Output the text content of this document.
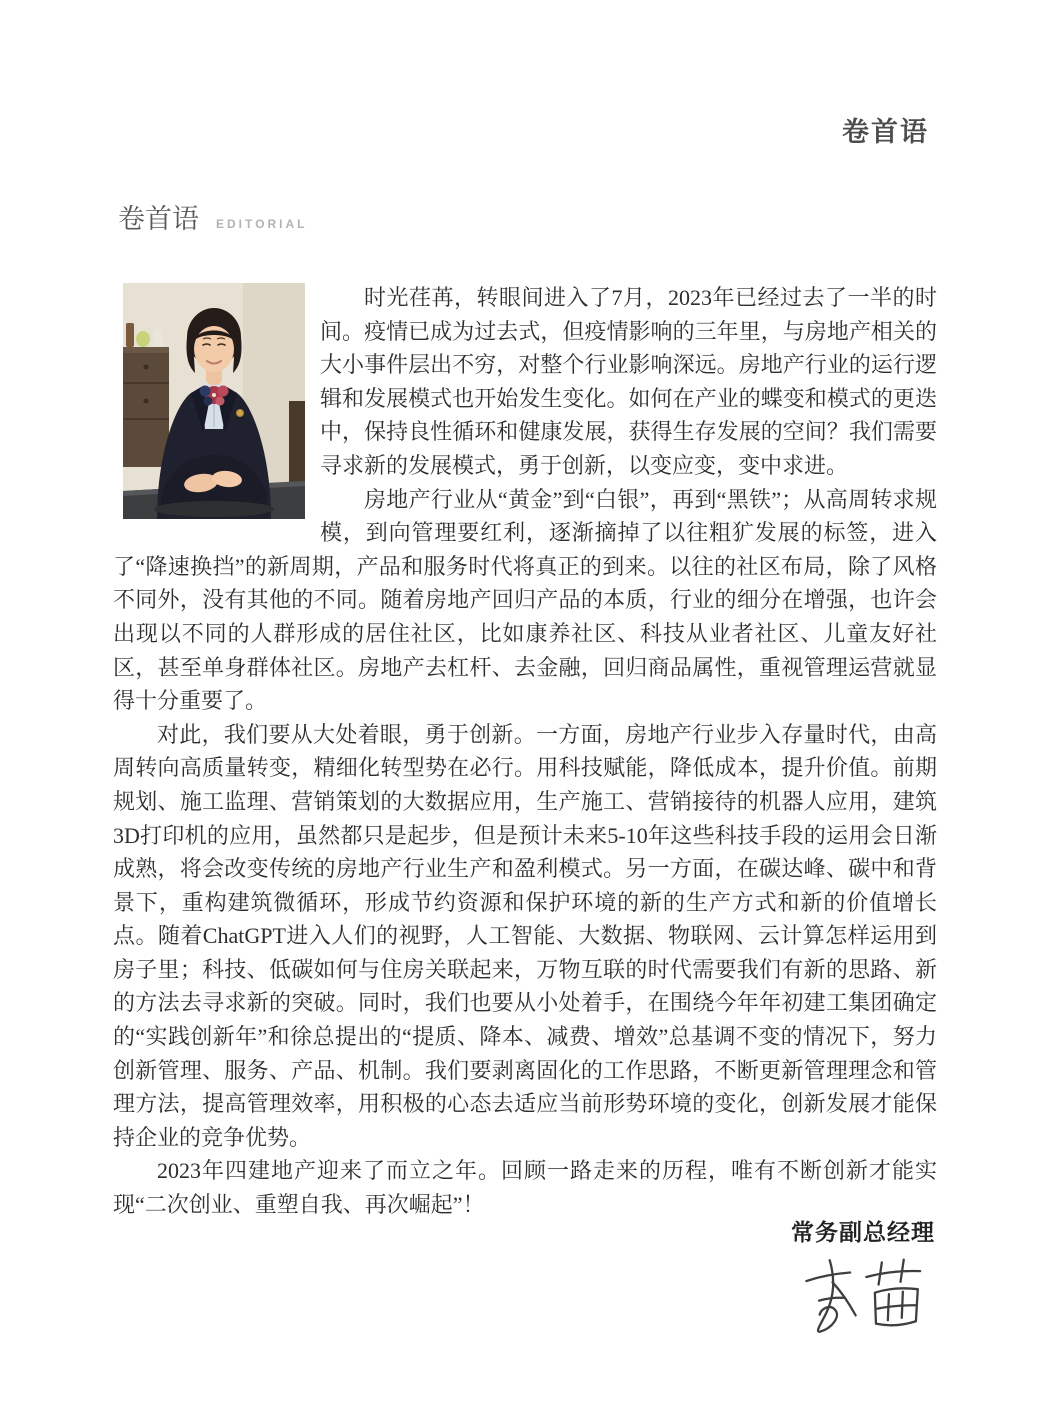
卷首语
卷首语 EDITORIAL

时光荏苒，转眼间进入了7月，2023年已经过去了一半的时间。疫情已成为过去式，但疫情影响的三年里，与房地产相关的大小事件层出不穷，对整个行业影响深远。房地产行业的运行逻辑和发展模式也开始发生变化。如何在产业的蝶变和模式的更迭中，保持良性循环和健康发展，获得生存发展的空间？我们需要寻求新的发展模式，勇于创新，以变应变，变中求进。

房地产行业从“黄金”到“白银”，再到“黑铁”；从高周转求规模，到向管理要红利，逐渐摘掉了以往粗犷发展的标签，进入了“降速换挡”的新周期，产品和服务时代将真正的到来。以往的社区布局，除了风格不同外，没有其他的不同。随着房地产回归产品的本质，行业的细分在增强，也许会出现以不同的人群形成的居住社区，比如康养社区、科技从业者社区、儿童友好社区，甚至单身群体社区。房地产去杠杆、去金融，回归商品属性，重视管理运营就显得十分重要了。

对此，我们要从大处着眼，勇于创新。一方面，房地产行业步入存量时代，由高周转向高质量转变，精细化转型势在必行。用科技赋能，降低成本，提升价值。前期规划、施工监理、营销策划的大数据应用，生产施工、营销接待的机器人应用，建筑3D打印机的应用，虽然都只是起步，但是预计未来5-10年这些科技手段的运用会日渐成熟，将会改变传统的房地产行业生产和盈利模式。另一方面，在碳达峰、碳中和背景下，重构建筑微循环，形成节约资源和保护环境的新的生产方式和新的价值增长点。随着ChatGPT进入人们的视野，人工智能、大数据、物联网、云计算怎样运用到房子里；科技、低碳如何与住房关联起来，万物互联的时代需要我们有新的思路、新的方法去寻求新的突破。同时，我们也要从小处着手，在围绕今年年初建工集团确定的“实践创新年”和徐总提出的“提质、降本、减费、增效”总基调不变的情况下，努力创新管理、服务、产品、机制。我们要剥离固化的工作思路，不断更新管理理念和管理方法，提高管理效率，用积极的心态去适应当前形势环境的变化，创新发展才能保持企业的竞争优势。

2023年四建地产迎来了而立之年。回顾一路走来的历程，唯有不断创新才能实现“二次创业、重塑自我、再次崛起”！

常务副总经理
